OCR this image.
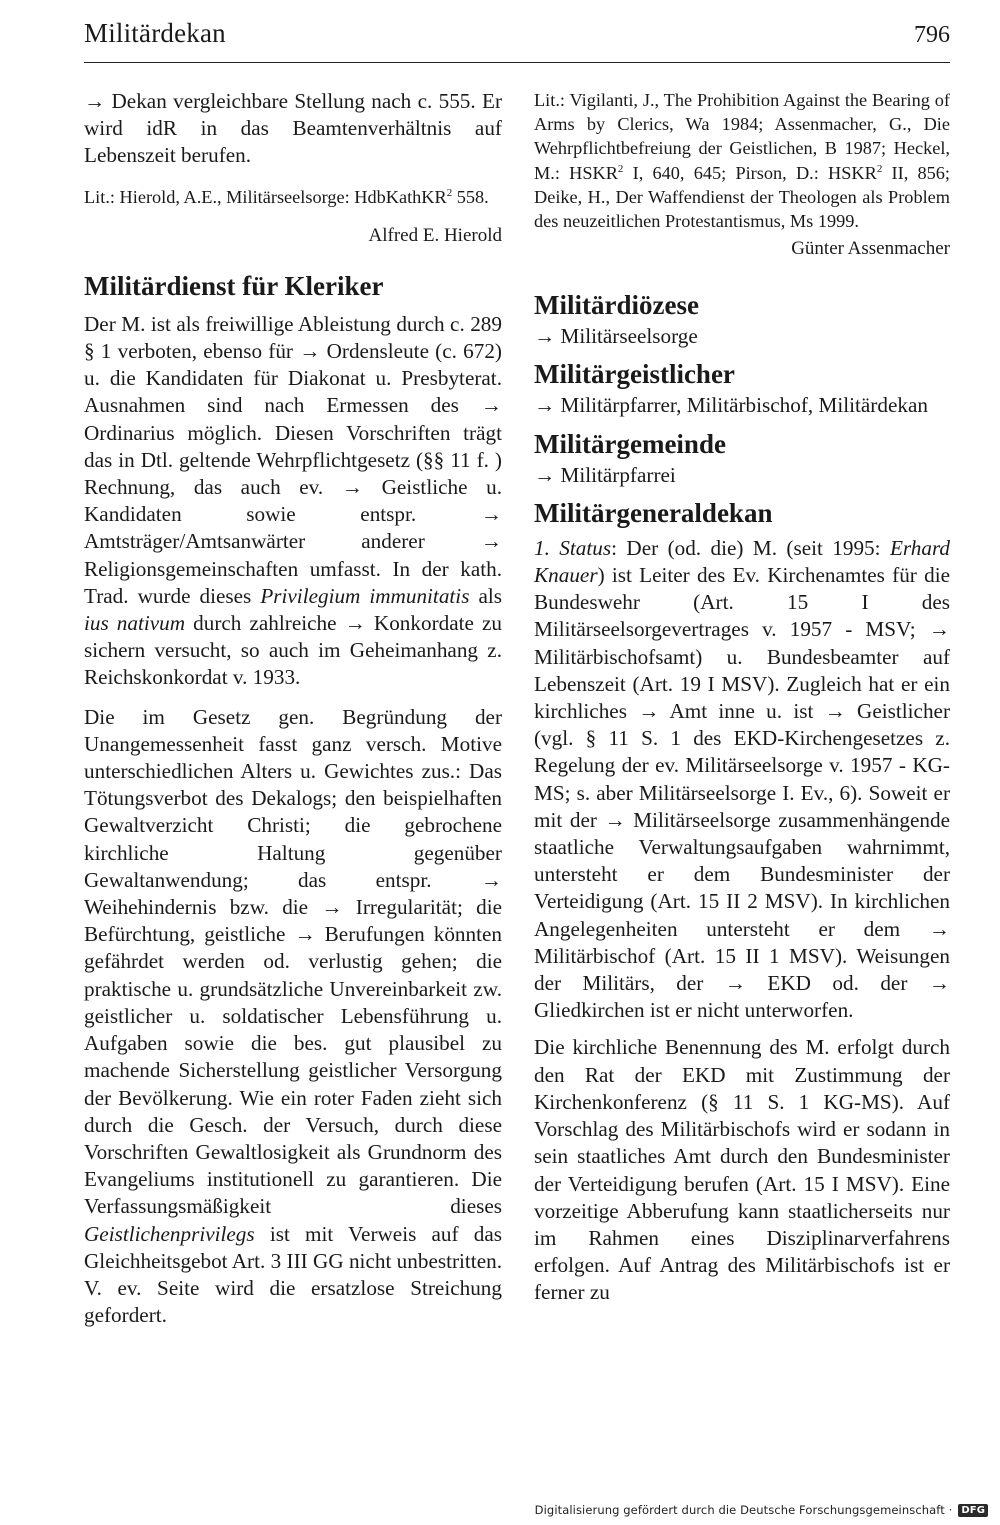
Militärdekan	796

→ Dekan vergleichbare Stellung nach c. 555. Er wird idR in das Beamtenverhältnis auf Lebenszeit berufen.

Lit.: Hierold, A.E., Militärseelsorge: HdbKathKR$^2$ 558.

Alfred E. Hierold

Militärdienst für Kleriker

Der M. ist als freiwillige Ableistung durch c. 289 § 1 verboten, ebenso für → Ordensleute (c. 672) u. die Kandidaten für Diakonat u. Presbyterat. Ausnahmen sind nach Ermessen des → Ordinarius möglich. Diesen Vorschriften trägt das in Dtl. geltende Wehrpflichtgesetz (§§ 11 f. ) Rechnung, das auch ev. → Geistliche u. Kandidaten sowie entspr. → Amtsträger/Amtsanwärter anderer → Religionsgemeinschaften umfasst. In der kath. Trad. wurde dieses Privilegium immunitatis als ius nativum durch zahlreiche → Konkordate zu sichern versucht, so auch im Geheimanhang z. Reichskonkordat v. 1933.

Die im Gesetz gen. Begründung der Unangemessenheit fasst ganz versch. Motive unterschiedlichen Alters u. Gewichtes zus.: Das Tötungsverbot des Dekalogs; den beispielhaften Gewaltverzicht Christi; die gebrochene kirchliche Haltung gegenüber Gewaltanwendung; das entspr. → Weihehindernis bzw. die → Irregularität; die Befürchtung, geistliche → Berufungen könnten gefährdet werden od. verlustig gehen; die praktische u. grundsätzliche Unvereinbarkeit zw. geistlicher u. soldatischer Lebensführung u. Aufgaben sowie die bes. gut plausibel zu machende Sicherstellung geistlicher Versorgung der Bevölkerung. Wie ein roter Faden zieht sich durch die Gesch. der Versuch, durch diese Vorschriften Gewaltlosigkeit als Grundnorm des Evangeliums institutionell zu garantieren. Die Verfassungsmäßigkeit dieses Geistlichenprivilegs ist mit Verweis auf das Gleichheitsgebot Art. 3 III GG nicht unbestritten. V. ev. Seite wird die ersatzlose Streichung gefordert.

Lit.: Vigilanti, J., The Prohibition Against the Bearing of Arms by Clerics, Wa 1984; Assenmacher, G., Die Wehrpflichtbefreiung der Geistlichen, B 1987; Heckel, M.: HSKR$^2$ I, 640, 645; Pirson, D.: HSKR$^2$ II, 856; Deike, H., Der Waffendienst der Theologen als Problem des neuzeitlichen Protestantismus, Ms 1999.

Günter Assenmacher

Militärdiözese

→ Militärseelsorge

Militärgeistlicher

→ Militärpfarrer, Militärbischof, Militärdekan

Militärgemeinde

→ Militärpfarrei

Militärgeneraldekan

1. Status: Der (od. die) M. (seit 1995: Erhard Knauer) ist Leiter des Ev. Kirchenamtes für die Bundeswehr (Art. 15 I des Militärseelsorgevertrages v. 1957 - MSV; → Militärbischofsamt) u. Bundesbeamter auf Lebenszeit (Art. 19 I MSV). Zugleich hat er ein kirchliches → Amt inne u. ist → Geistlicher (vgl. § 11 S. 1 des EKD-Kirchengesetzes z. Regelung der ev. Militärseelsorge v. 1957 - KG-MS; s. aber Militärseelsorge I. Ev., 6). Soweit er mit der → Militärseelsorge zusammenhängende staatliche Verwaltungsaufgaben wahrnimmt, untersteht er dem Bundesminister der Verteidigung (Art. 15 II 2 MSV). In kirchlichen Angelegenheiten untersteht er dem → Militärbischof (Art. 15 II 1 MSV). Weisungen der Militärs, der → EKD od. der → Gliedkirchen ist er nicht unterworfen.

Die kirchliche Benennung des M. erfolgt durch den Rat der EKD mit Zustimmung der Kirchenkonferenz (§ 11 S. 1 KG-MS). Auf Vorschlag des Militärbischofs wird er sodann in sein staatliches Amt durch den Bundesminister der Verteidigung berufen (Art. 15 I MSV). Eine vorzeitige Abberufung kann staatlicherseits nur im Rahmen eines Disziplinarverfahrens erfolgen. Auf Antrag des Militärbischofs ist er ferner zu

Digitalisierung gefördert durch die Deutsche Forschungsgemeinschaft · DFG
